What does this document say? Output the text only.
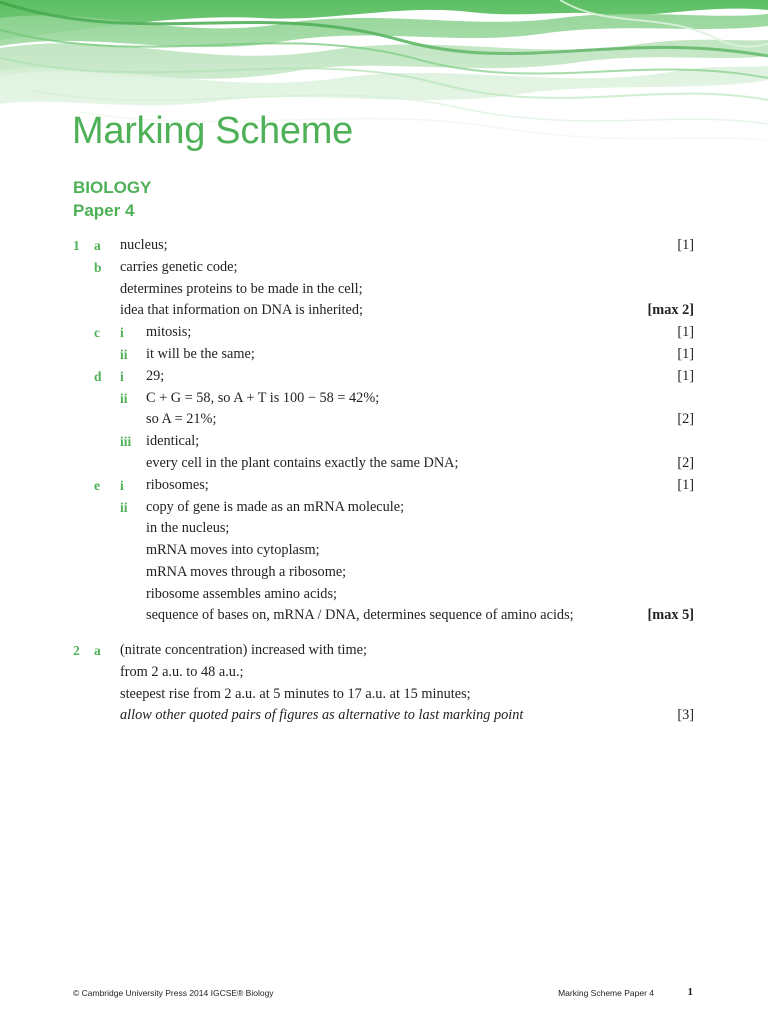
Marking Scheme
BIOLOGY
Paper 4
1 a nucleus;	[1]
b carries genetic code;
determines proteins to be made in the cell;
idea that information on DNA is inherited;	[max 2]
c i mitosis;	[1]
ii it will be the same;	[1]
d i 29;	[1]
ii C + G = 58, so A + T is 100 − 58 = 42%;
so A = 21%;	[2]
iii identical;
every cell in the plant contains exactly the same DNA;	[2]
e i ribosomes;	[1]
ii copy of gene is made as an mRNA molecule;
in the nucleus;
mRNA moves into cytoplasm;
mRNA moves through a ribosome;
ribosome assembles amino acids;
sequence of bases on, mRNA / DNA, determines sequence of amino acids;	[max 5]
2 a (nitrate concentration) increased with time;
from 2 a.u. to 48 a.u.;
steepest rise from 2 a.u. at 5 minutes to 17 a.u. at 15 minutes;
allow other quoted pairs of figures as alternative to last marking point	[3]
© Cambridge University Press 2014 IGCSE® Biology	Marking Scheme Paper 4	1
